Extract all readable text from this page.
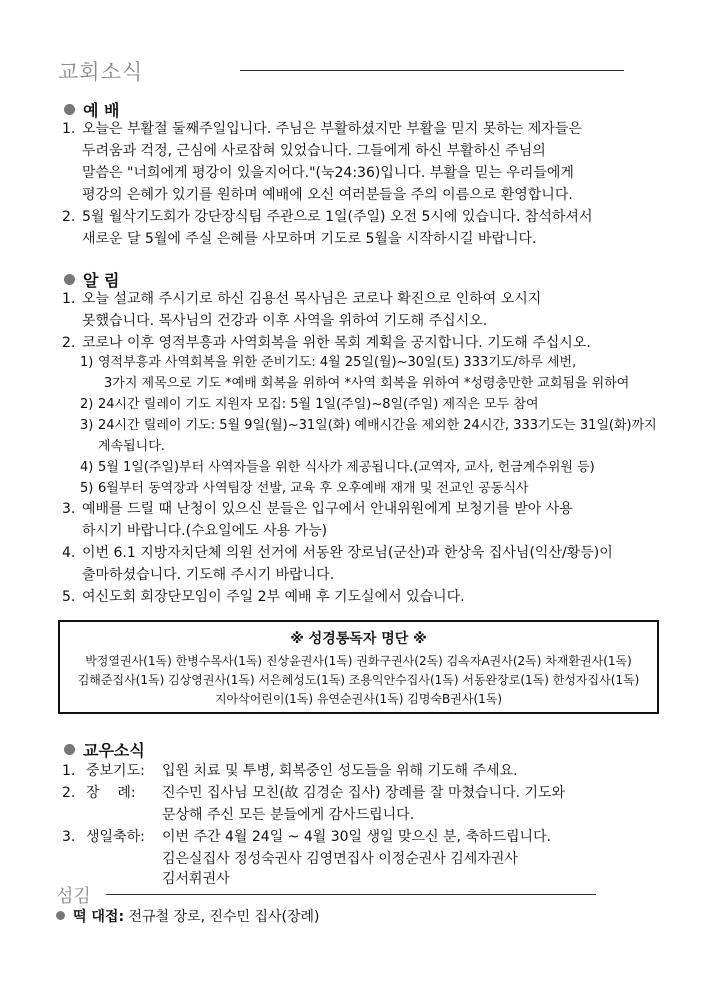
교회소식
예 배
1. 오늘은 부활절 둘째주일입니다. 주님은 부활하셨지만 부활을 믿지 못하는 제자들은
두려움과 걱정, 근심에 사로잡혀 있었습니다. 그들에게 하신 부활하신 주님의
말씀은 "너희에게 평강이 있을지어다."(눅24:36)입니다. 부활을 믿는 우리들에게
평강의 은혜가 있기를 원하며 예배에 오신 여러분들을 주의 이름으로 환영합니다.
2. 5월 월삭기도회가 강단장식팀 주관으로 1일(주일) 오전 5시에 있습니다. 참석하셔서
새로운 달 5월에 주실 은혜를 사모하며 기도로 5월을 시작하시길 바랍니다.
알 림
1. 오늘 설교해 주시기로 하신 김용선 목사님은 코로나 확진으로 인하여 오시지
못했습니다. 목사님의 건강과 이후 사역을 위하여 기도해 주십시오.
2. 코로나 이후 영적부흥과 사역회복을 위한 목회 계획을 공지합니다. 기도해 주십시오.
1) 영적부흥과 사역회복을 위한 준비기도: 4월 25일(월)~30일(토) 333기도/하루 세번,
3가지 제목으로 기도 *예배 회복을 위하여 *사역 회복을 위하여 *성령충만한 교회됨을 위하여
2) 24시간 릴레이 기도 지원자 모집: 5월 1일(주일)~8일(주일) 제직은 모두 참여
3) 24시간 릴레이 기도: 5월 9일(월)~31일(화) 예배시간을 제외한 24시간, 333기도는 31일(화)까지
계속됩니다.
4) 5월 1일(주일)부터 사역자들을 위한 식사가 제공됩니다.(교역자, 교사, 헌금계수위원 등)
5) 6월부터 동역장과 사역팀장 선발, 교육 후 오후예배 재개 및 전교인 공동식사
3. 예배를 드릴 때 난청이 있으신 분들은 입구에서 안내위원에게 보청기를 받아 사용
하시기 바랍니다.(수요일에도 사용 가능)
4. 이번 6.1 지방자치단체 의원 선거에 서동완 장로님(군산)과 한상욱 집사님(익산/황등)이
출마하셨습니다. 기도해 주시기 바랍니다.
5. 여신도회 회장단모임이 주일 2부 예배 후 기도실에서 있습니다.
※ 성경통독자 명단 ※
박정열권사(1독) 한병수목사(1독) 진상윤권사(1독) 권화구권사(2독) 김옥자A권사(2독) 차재환권사(1독)
김해준집사(1독) 김상영권사(1독) 서은혜성도(1독) 조용익안수집사(1독) 서동완장로(1독) 한성자집사(1독)
지아삭어린이(1독) 유연순권사(1독) 김명숙B권사(1독)
교우소식
1. 중보기도: 입원 치료 및 투병, 회복중인 성도들을 위해 기도해 주세요.
2. 장    례: 진수민 집사님 모친(故 김경순 집사) 장례를 잘 마쳤습니다. 기도와
문상해 주신 모든 분들에게 감사드립니다.
3. 생일축하: 이번 주간 4월 24일 ~ 4월 30일 생일 맞으신 분, 축하드립니다.
김은실집사 정성숙권사 김영면집사 이정순권사 김세자권사
김서휘권사
섬김
떡 대접: 전규철 장로, 진수민 집사(장례)
